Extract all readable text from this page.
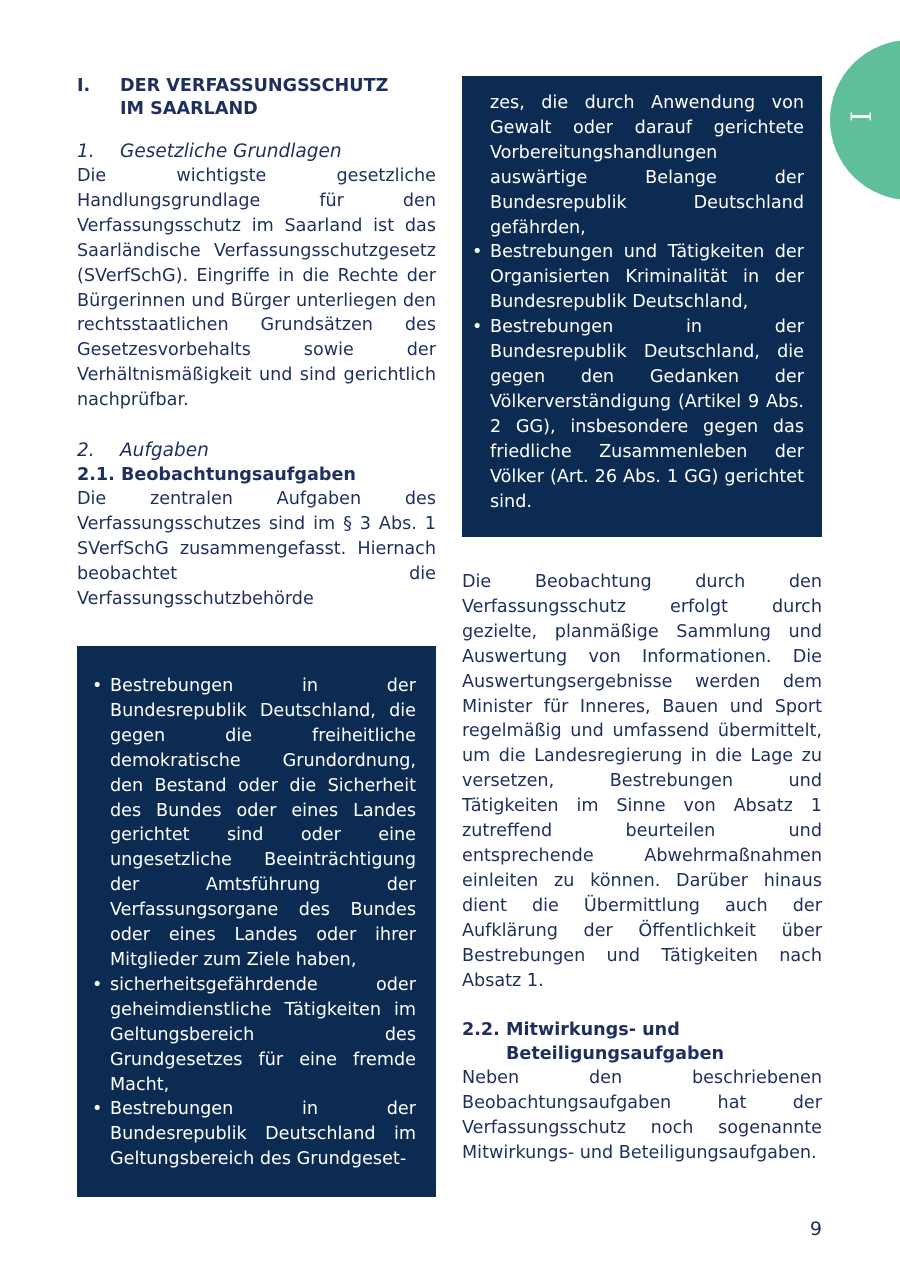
I
I.	DER VERFASSUNGSSCHUTZ
IM SAARLAND
1.	Gesetzliche Grundlagen

Die wichtigste gesetzliche Handlungsgrundlage für den Verfassungsschutz im Saarland ist das Saarländische Verfassungsschutzgesetz (SVerfSchG). Eingriffe in die Rechte der Bürgerinnen und Bürger unterliegen den rechtsstaatlichen Grundsätzen des Gesetzesvorbehalts sowie der Verhältnismäßigkeit und sind gerichtlich nachprüfbar.

2.	Aufgaben
2.1. Beobachtungsaufgaben

Die zentralen Aufgaben des Verfassungsschutzes sind im § 3 Abs. 1 SVerfSchG zusammengefasst. Hiernach beobachtet die Verfassungsschutzbehörde

• Bestrebungen in der Bundesrepublik Deutschland, die gegen die freiheitliche demokratische Grundordnung, den Bestand oder die Sicherheit des Bundes oder eines Landes gerichtet sind oder eine ungesetzliche Beeinträchtigung der Amtsführung der Verfassungsorgane des Bundes oder eines Landes oder ihrer Mitglieder zum Ziele haben,
• sicherheitsgefährdende oder geheimdienstliche Tätigkeiten im Geltungsbereich des Grundgesetzes für eine fremde Macht,
• Bestrebungen in der Bundesrepublik Deutschland im Geltungsbereich des Grundgeset-

zes, die durch Anwendung von Gewalt oder darauf gerichtete Vorbereitungshandlungen auswärtige Belange der Bundesrepublik Deutschland gefährden,

• Bestrebungen und Tätigkeiten der Organisierten Kriminalität in der Bundesrepublik Deutschland,
• Bestrebungen in der Bundesrepublik Deutschland, die gegen den Gedanken der Völkerverständigung (Artikel 9 Abs. 2 GG), insbesondere gegen das friedliche Zusammenleben der Völker (Art. 26 Abs. 1 GG) gerichtet sind.

Die Beobachtung durch den Verfassungsschutz erfolgt durch gezielte, planmäßige Sammlung und Auswertung von Informationen. Die Auswertungsergebnisse werden dem Minister für Inneres, Bauen und Sport regelmäßig und umfassend übermittelt, um die Landesregierung in die Lage zu versetzen, Bestrebungen und Tätigkeiten im Sinne von Absatz 1 zutreffend beurteilen und entsprechende Abwehrmaßnahmen einleiten zu können. Darüber hinaus dient die Übermittlung auch der Aufklärung der Öffentlichkeit über Bestrebungen und Tätigkeiten nach Absatz 1.

2.2. Mitwirkungs- und
Beteiligungsaufgaben

Neben den beschriebenen Beobachtungsaufgaben hat der Verfassungsschutz noch sogenannte Mitwirkungs- und Beteiligungsaufgaben.

9
